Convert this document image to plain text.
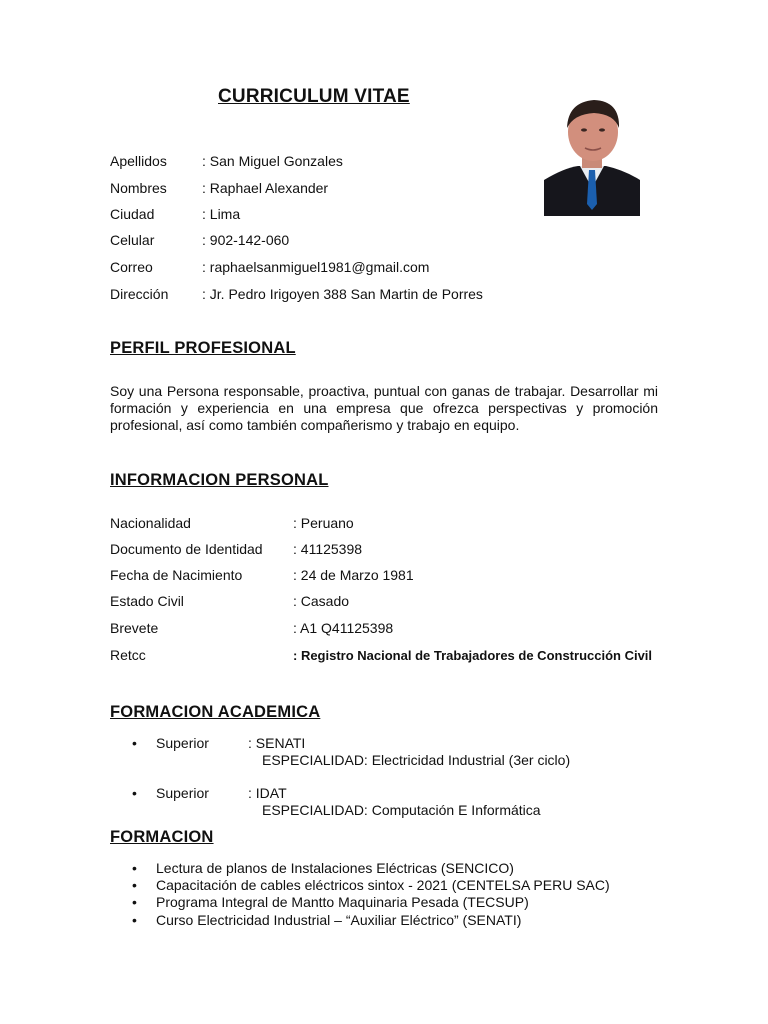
CURRICULUM VITAE
Apellidos	: San Miguel Gonzales
Nombres	: Raphael Alexander
Ciudad	: Lima
Celular	: 902-142-060
Correo	: raphaelsanmiguel1981@gmail.com
Dirección : Jr. Pedro Irigoyen 388 San Martin de Porres
PERFIL PROFESIONAL
Soy una Persona responsable, proactiva, puntual con ganas de trabajar. Desarrollar mi formación y experiencia en una empresa que ofrezca perspectivas y promoción profesional, así como también compañerismo y trabajo en equipo.
INFORMACION PERSONAL
Nacionalidad	: Peruano
Documento de Identidad : 41125398
Fecha de Nacimiento	: 24 de Marzo 1981
Estado Civil	: Casado
Brevete	: A1 Q41125398
Retcc	: Registro Nacional de Trabajadores de Construcción Civil
FORMACION ACADEMICA
• Superior	: SENATI
ESPECIALIDAD: Electricidad Industrial (3er ciclo)
• Superior	: IDAT
ESPECIALIDAD: Computación E Informática
FORMACION
• Lectura de planos de Instalaciones Eléctricas (SENCICO)
• Capacitación de cables eléctricos sintox - 2021 (CENTELSA PERU SAC)
• Programa Integral de Mantto Maquinaria Pesada (TECSUP)
• Curso Electricidad Industrial – “Auxiliar Eléctrico” (SENATI)
